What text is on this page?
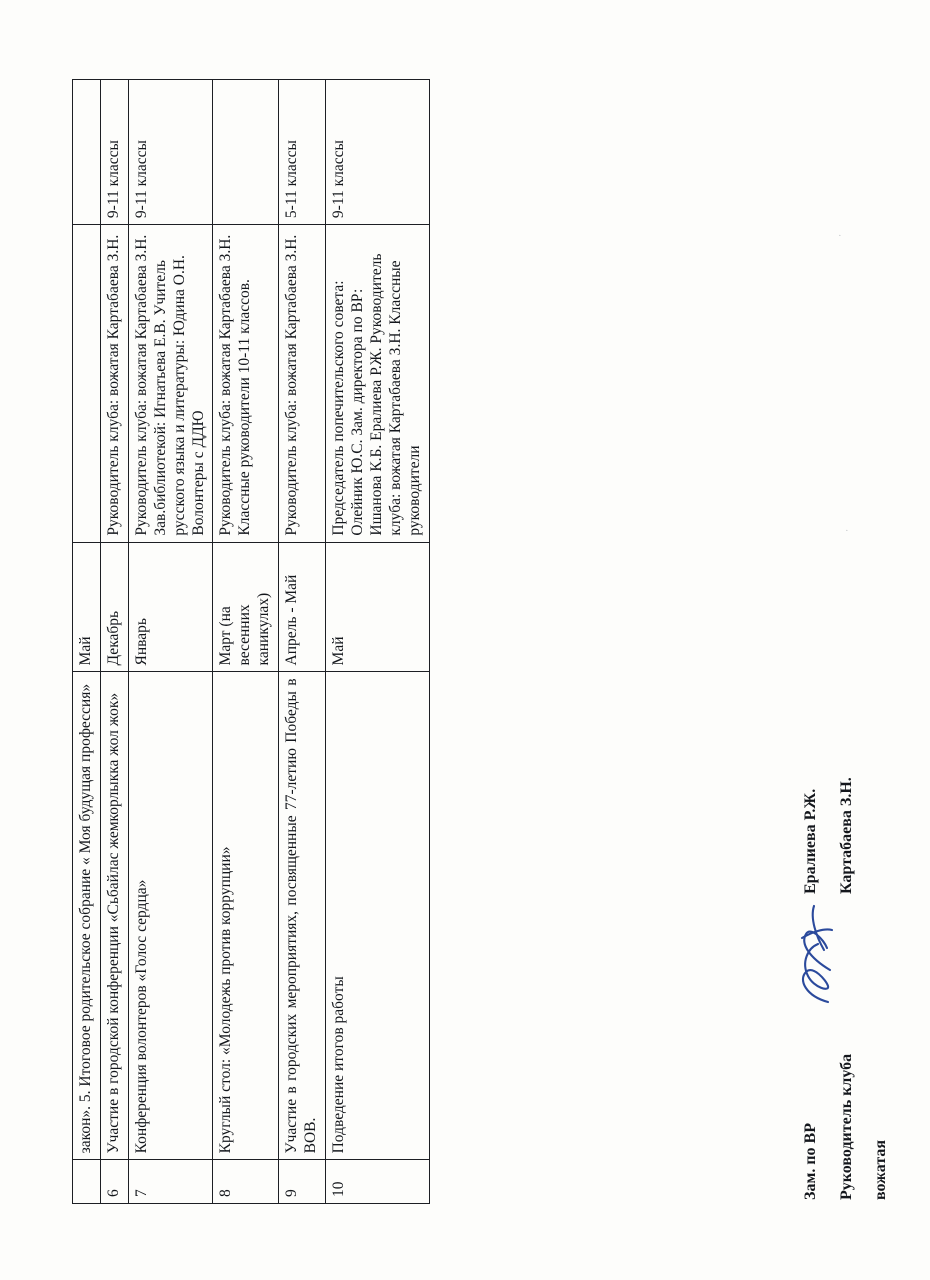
	закон». 5. Итоговое родительское собрание « Моя будущая профессия»	Май		
6	Участие в городской конференции «Сьбайлас жемкорлыкка жол жок»	Декабрь	Руководитель клуба: вожатая Картабаева З.Н.	9-11 классы
7	Конференция волонтеров «Голос сердца»	Январь	Руководитель клуба: вожатая Картабаева З.Н. Зав.библиотекой: Игнатьева Е.В. Учитель русского языка и литературы: Юдина О.Н. Волонтеры с ДДЮ	9-11 классы
8	Круглый стол: «Молодежь против коррупции»	Март (на весенних каникулах)	Руководитель клуба: вожатая Картабаева З.Н. Классные руководители 10-11 классов.	
9	Участие в городских мероприятиях, посвященные 77-летию Победы в ВОВ.	Апрель - Май	Руководитель клуба: вожатая Картабаева З.Н.	5-11 классы
10	Подведение итогов работы	Май	Председатель попечительского совета: Олейник Ю.С. Зам. директора по ВР: Ишанова К.Б. Ералиева Р.Ж. Руководитель клуба: вожатая Картабаева З.Н. Классные руководители	9-11 классы
Зам. по ВР
Ералиева Р.Ж.
Руководитель клуба
Картабаева З.Н.
вожатая
·
·
